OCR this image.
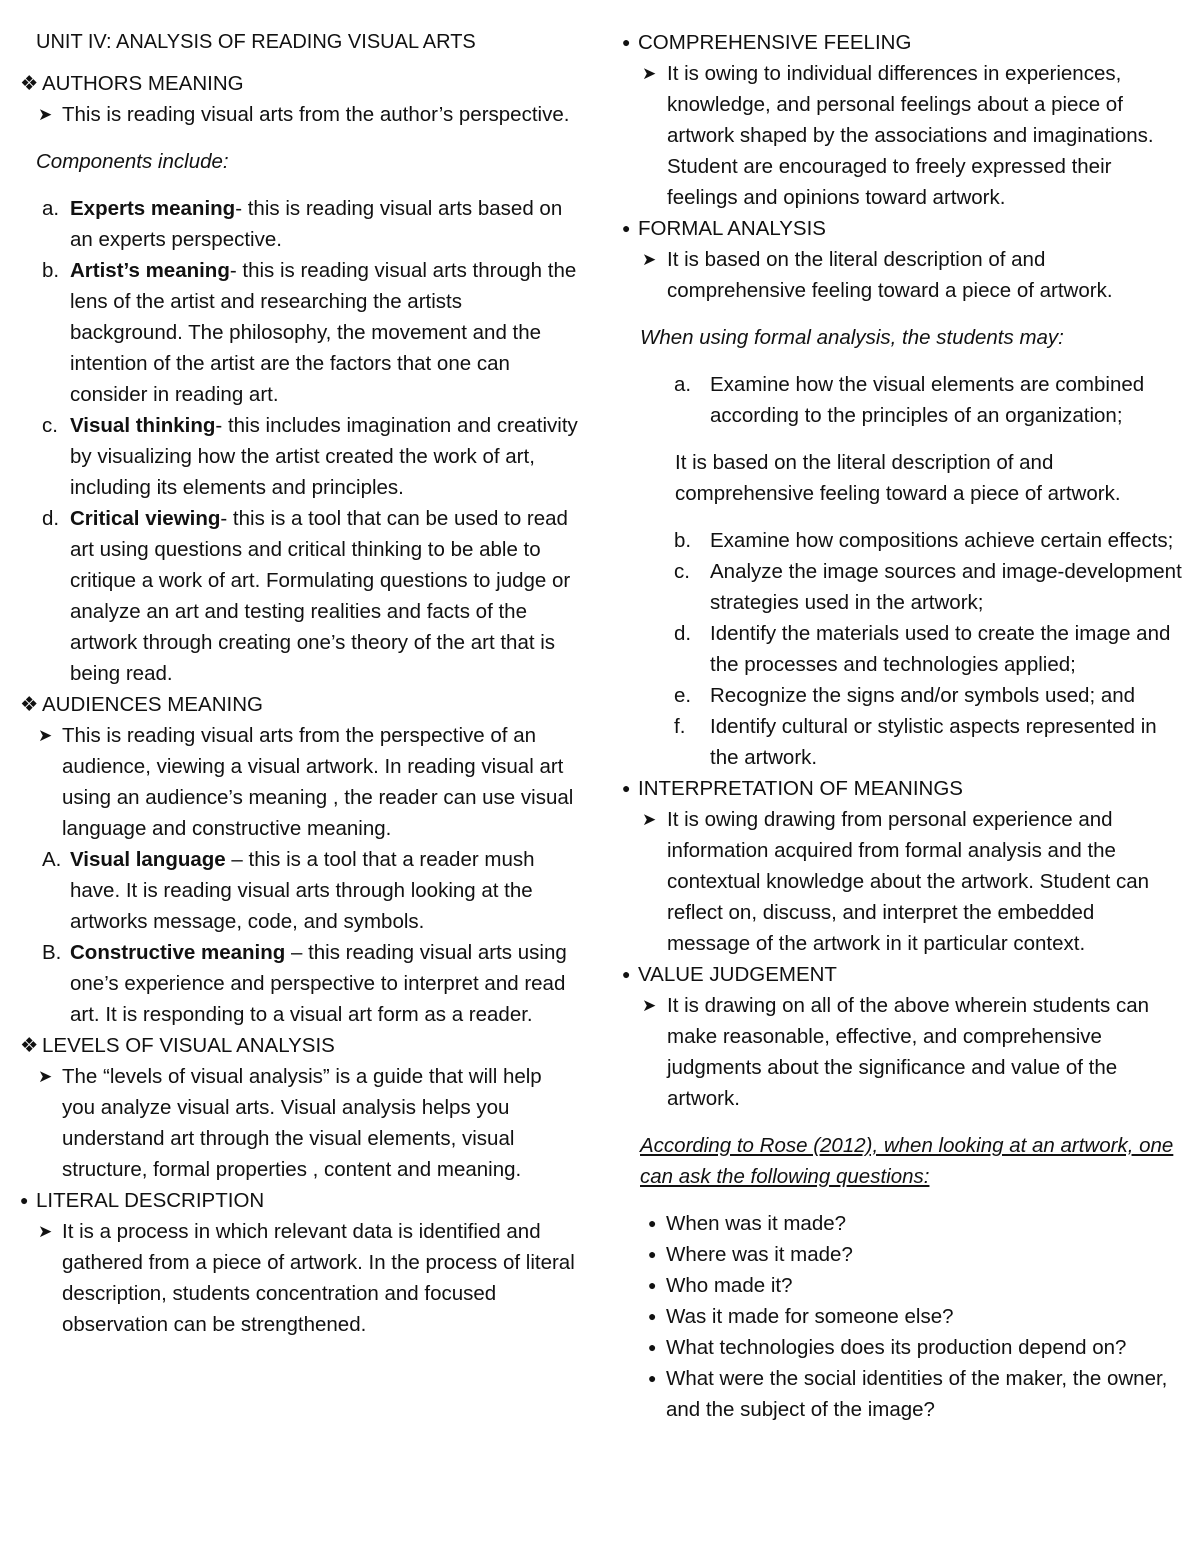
UNIT IV: ANALYSIS OF READING VISUAL ARTS
❖ AUTHORS MEANING
➤ This is reading visual arts from the author’s perspective.
Components include:
a. Experts meaning- this is reading visual arts based on an experts perspective.
b. Artist’s meaning- this is reading visual arts through the lens of the artist and researching the artists background. The philosophy, the movement and the intention of the artist are the factors that one can consider in reading art.
c. Visual thinking- this includes imagination and creativity by visualizing how the artist created the work of art, including its elements and principles.
d. Critical viewing- this is a tool that can be used to read art using questions and critical thinking to be able to critique a work of art. Formulating questions to judge or analyze an art and testing realities and facts of the artwork through creating one’s theory of the art that is being read.
❖ AUDIENCES MEANING
➤ This is reading visual arts from the perspective of an audience, viewing a visual artwork. In reading visual art using an audience’s meaning , the reader can use visual language and constructive meaning.
A. Visual language – this is a tool that a reader mush have. It is reading visual arts through looking at the artworks message, code, and symbols.
B. Constructive meaning – this reading visual arts using one’s experience and perspective to interpret and read art. It is responding to a visual art form as a reader.
❖ LEVELS OF VISUAL ANALYSIS
➤ The “levels of visual analysis” is a guide that will help you analyze visual arts. Visual analysis helps you understand art through the visual elements, visual structure, formal properties , content and meaning.
● LITERAL DESCRIPTION
➤ It is a process in which relevant data is identified and gathered from a piece of artwork. In the process of literal description, students concentration and focused observation can be strengthened.
● COMPREHENSIVE FEELING
➤ It is owing to individual differences in experiences, knowledge, and personal feelings about a piece of artwork shaped by the associations and imaginations. Student are encouraged to freely expressed their feelings and opinions toward artwork.
● FORMAL ANALYSIS
➤ It is based on the literal description of and comprehensive feeling toward a piece of artwork.
When using formal analysis, the students may:
a. Examine how the visual elements are combined according to the principles of an organization;
It is based on the literal description of and comprehensive feeling toward a piece of artwork.
b. Examine how compositions achieve certain effects;
c. Analyze the image sources and image-development strategies used in the artwork;
d. Identify the materials used to create the image and the processes and technologies applied;
e. Recognize the signs and/or symbols used; and
f. Identify cultural or stylistic aspects represented in the artwork.
● INTERPRETATION OF MEANINGS
➤ It is owing drawing from personal experience and information acquired from formal analysis and the contextual knowledge about the artwork. Student can reflect on, discuss, and interpret the embedded message of the artwork in it particular context.
● VALUE JUDGEMENT
➤ It is drawing on all of the above wherein students can make reasonable, effective, and comprehensive judgments about the significance and value of the artwork.
According to Rose (2012), when looking at an artwork, one can ask the following questions:
● When was it made?
● Where was it made?
● Who made it?
● Was it made for someone else?
● What technologies does its production depend on?
● What were the social identities of the maker, the owner, and the subject of the image?
